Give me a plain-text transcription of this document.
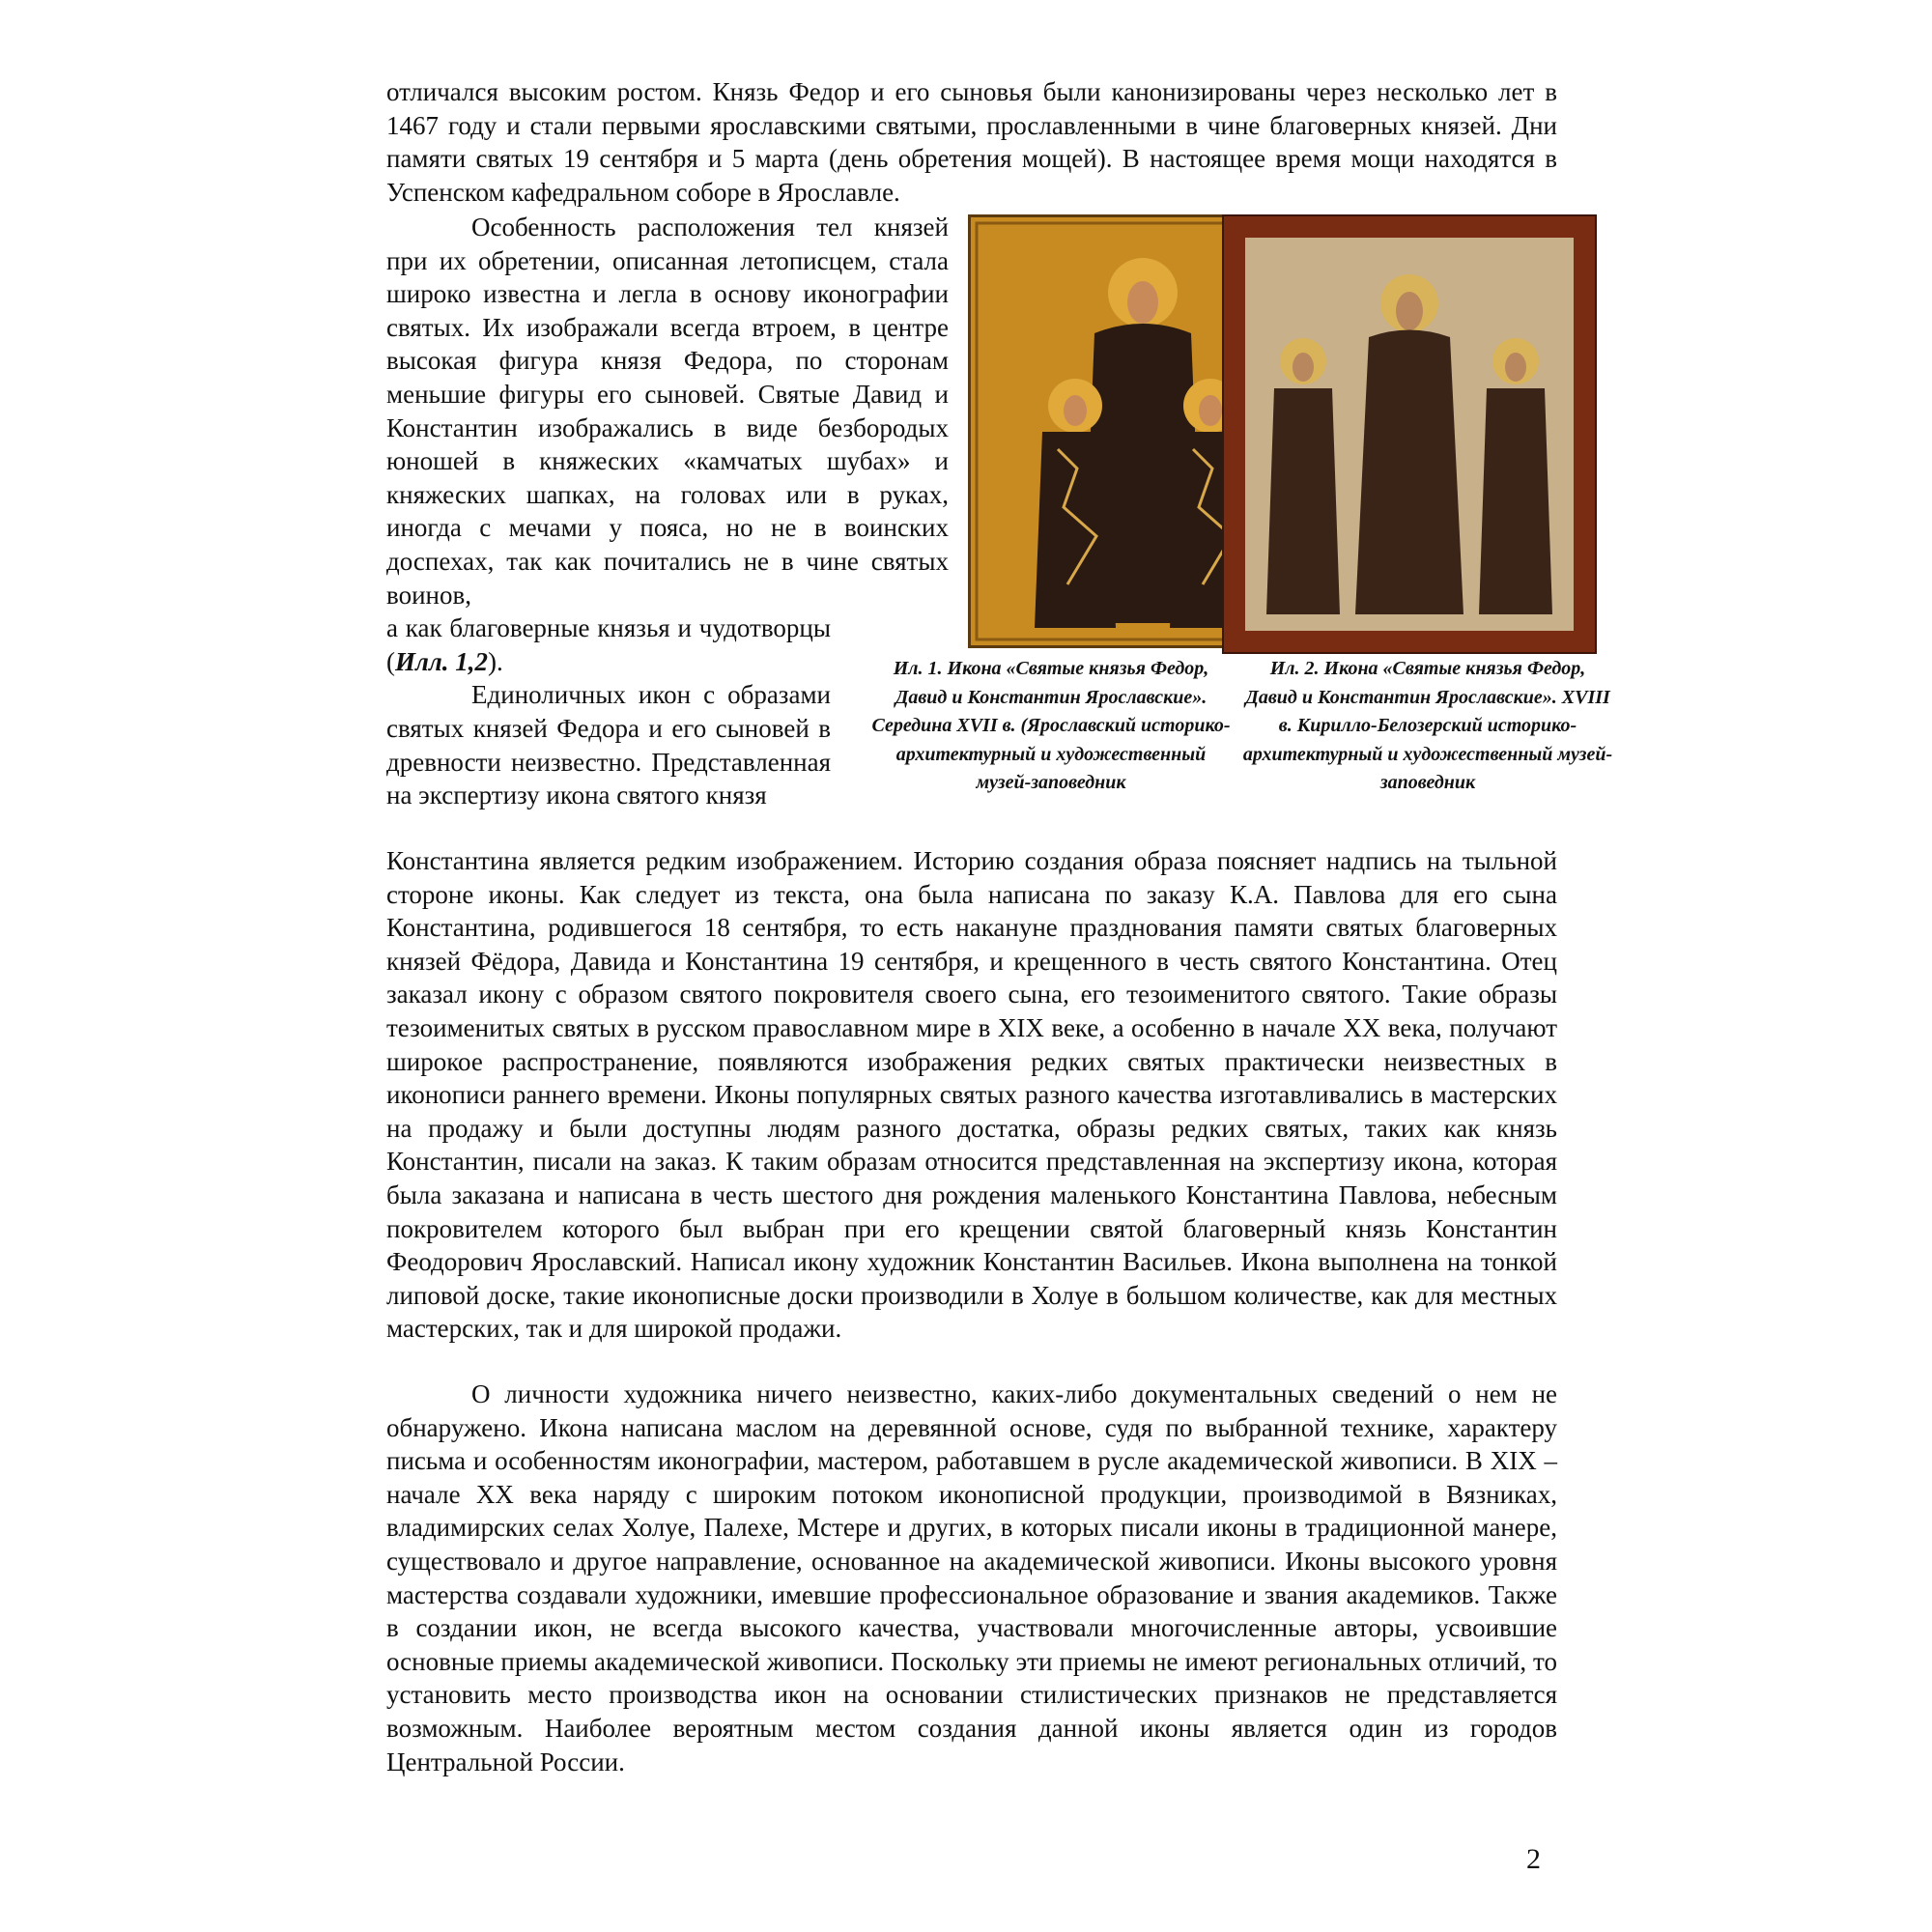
отличался высоким ростом. Князь Федор и его сыновья были канонизированы через несколько лет в 1467 году и стали первыми ярославскими святыми, прославленными в чине благоверных князей. Дни памяти святых 19 сентября и 5 марта (день обретения мощей). В настоящее время мощи находятся в Успенском кафедральном соборе в Ярославле.

Особенность расположения тел князей при их обретении, описанная летописцем, стала широко известна и легла в основу иконографии святых. Их изображали всегда втроем, в центре высокая фигура князя Федора, по сторонам меньшие фигуры его сыновей. Святые Давид и Константин изображались в виде безбородых юношей в княжеских «камчатых шубах» и княжеских шапках, на головах или в руках, иногда с мечами у пояса, но не в воинских доспехах, так как почитались не в чине святых воинов,

а как благоверные князья и чудотворцы (Илл. 1,2).

Единоличных икон с образами святых князей Федора и его сыновей в древности неизвестно. Представленная на экспертизу икона святого князя

Константина является редким изображением. Историю создания образа поясняет надпись на тыльной стороне иконы. Как следует из текста, она была написана по заказу К.А. Павлова для его сына Константина, родившегося 18 сентября, то есть накануне празднования памяти святых благоверных князей Фёдора, Давида и Константина 19 сентября, и крещенного в честь святого Константина. Отец заказал икону с образом святого покровителя своего сына, его тезоименитого святого. Такие образы тезоименитых святых в русском православном мире в XIX веке, а особенно в начале XX века, получают широкое распространение, появляются изображения редких святых практически неизвестных в иконописи раннего времени. Иконы популярных святых разного качества изготавливались в мастерских на продажу и были доступны людям разного достатка, образы редких святых, таких как князь Константин, писали на заказ. К таким образам относится представленная на экспертизу икона, которая была заказана и написана в честь шестого дня рождения маленького Константина Павлова, небесным покровителем которого был выбран при его крещении святой благоверный князь Константин Феодорович Ярославский. Написал икону художник Константин Васильев. Икона выполнена на тонкой липовой доске, такие иконописные доски производили в Холуе в большом количестве, как для местных мастерских, так и для широкой продажи.

О личности художника ничего неизвестно, каких-либо документальных сведений о нем не обнаружено. Икона написана маслом на деревянной основе, судя по выбранной технике, характеру письма и особенностям иконографии, мастером, работавшем в русле академической живописи. В XIX – начале XX века наряду с широким потоком иконописной продукции, производимой в Вязниках, владимирских селах Холуе, Палехе, Мстере и других, в которых писали иконы в традиционной манере, существовало и другое направление, основанное на академической живописи. Иконы высокого уровня мастерства создавали художники, имевшие профессиональное образование и звания академиков. Также в создании икон, не всегда высокого качества, участвовали многочисленные авторы, усвоившие основные приемы академической живописи. Поскольку эти приемы не имеют региональных отличий, то установить место производства икон на основании стилистических признаков не представляется возможным. Наиболее вероятным местом создания данной иконы является один из городов Центральной России.

Ил. 1. Икона «Святые князья Федор, Давид и Константин Ярославские». Середина XVII в. (Ярославский историко-архитектурный и художественный музей-заповедник
Ил. 2. Икона «Святые князья Федор, Давид и Константин Ярославские». XVIII в. Кирилло-Белозерский историко-архитектурный и художественный музей-заповедник
2
